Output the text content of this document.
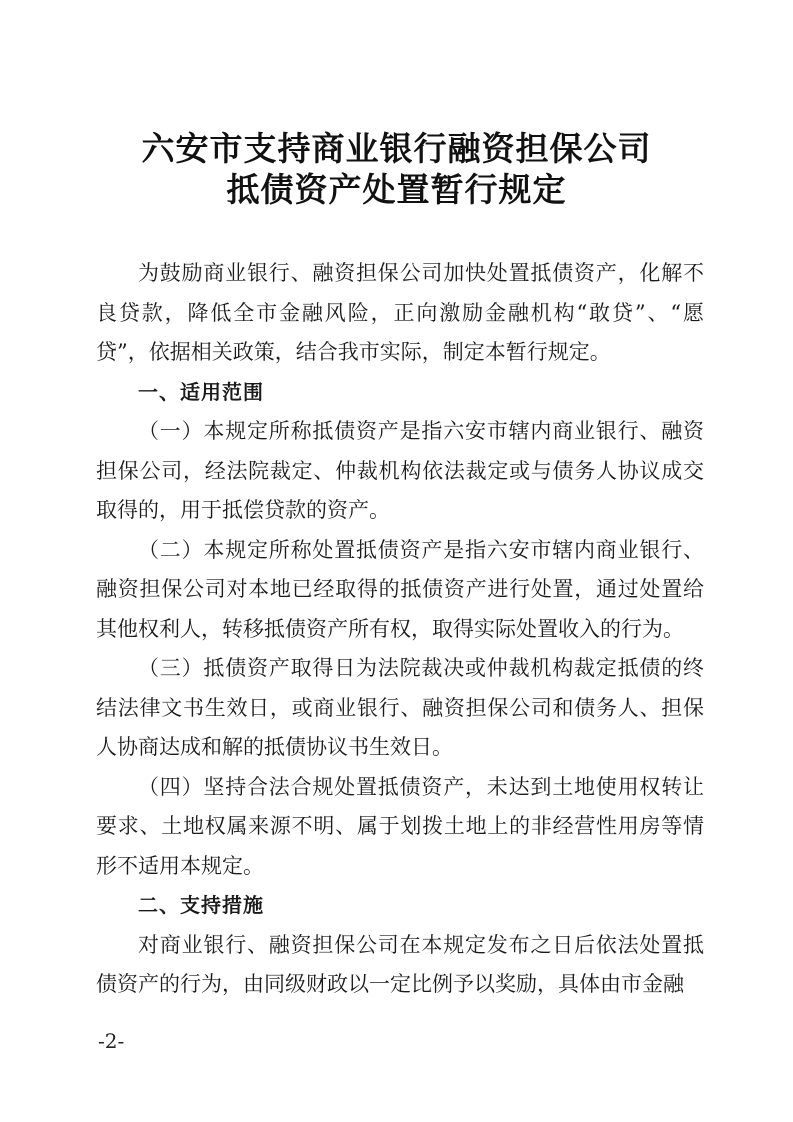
六安市支持商业银行融资担保公司
抵债资产处置暂行规定

为鼓励商业银行、融资担保公司加快处置抵债资产，化解不良贷款，降低全市金融风险，正向激励金融机构“敢贷”、“愿贷”，依据相关政策，结合我市实际，制定本暂行规定。

一、适用范围

（一）本规定所称抵债资产是指六安市辖内商业银行、融资担保公司，经法院裁定、仲裁机构依法裁定或与债务人协议成交取得的，用于抵偿贷款的资产。

（二）本规定所称处置抵债资产是指六安市辖内商业银行、融资担保公司对本地已经取得的抵债资产进行处置，通过处置给其他权利人，转移抵债资产所有权，取得实际处置收入的行为。

（三）抵债资产取得日为法院裁决或仲裁机构裁定抵债的终结法律文书生效日，或商业银行、融资担保公司和债务人、担保人协商达成和解的抵债协议书生效日。

（四）坚持合法合规处置抵债资产，未达到土地使用权转让要求、土地权属来源不明、属于划拨土地上的非经营性用房等情形不适用本规定。

二、支持措施

对商业银行、融资担保公司在本规定发布之日后依法处置抵债资产的行为，由同级财政以一定比例予以奖励，具体由市金融

-2-
